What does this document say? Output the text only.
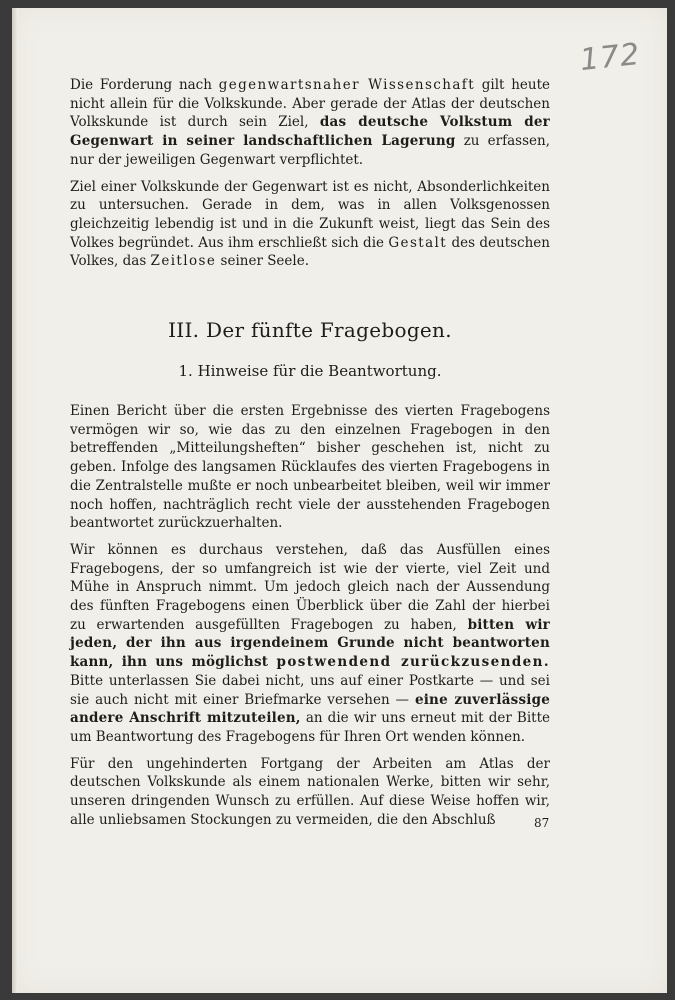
172

Die Forderung nach gegenwartsnaher Wissenschaft gilt heute nicht allein für die Volkskunde. Aber gerade der Atlas der deutschen Volkskunde ist durch sein Ziel, das deutsche Volkstum der Gegenwart in seiner landschaftlichen Lagerung zu erfassen, nur der jeweiligen Gegenwart verpflichtet.

Ziel einer Volkskunde der Gegenwart ist es nicht, Absonderlichkeiten zu untersuchen. Gerade in dem, was in allen Volksgenossen gleichzeitig lebendig ist und in die Zukunft weist, liegt das Sein des Volkes begründet. Aus ihm erschließt sich die Gestalt des deutschen Volkes, das Zeitlose seiner Seele.

III. Der fünfte Fragebogen.
1. Hinweise für die Beantwortung.

Einen Bericht über die ersten Ergebnisse des vierten Fragebogens vermögen wir so, wie das zu den einzelnen Fragebogen in den betreffenden „Mitteilungsheften“ bisher geschehen ist, nicht zu geben. Infolge des langsamen Rücklaufes des vierten Fragebogens in die Zentralstelle mußte er noch unbearbeitet bleiben, weil wir immer noch hoffen, nachträglich recht viele der ausstehenden Fragebogen beantwortet zurückzuerhalten.

Wir können es durchaus verstehen, daß das Ausfüllen eines Fragebogens, der so umfangreich ist wie der vierte, viel Zeit und Mühe in Anspruch nimmt. Um jedoch gleich nach der Aussendung des fünften Fragebogens einen Überblick über die Zahl der hierbei zu erwartenden ausgefüllten Fragebogen zu haben, bitten wir jeden, der ihn aus irgendeinem Grunde nicht beantworten kann, ihn uns möglichst postwendend zurückzusenden. Bitte unterlassen Sie dabei nicht, uns auf einer Postkarte — und sei sie auch nicht mit einer Briefmarke versehen — eine zuverlässige andere Anschrift mitzuteilen, an die wir uns erneut mit der Bitte um Beantwortung des Fragebogens für Ihren Ort wenden können.

Für den ungehinderten Fortgang der Arbeiten am Atlas der deutschen Volkskunde als einem nationalen Werke, bitten wir sehr, unseren dringenden Wunsch zu erfüllen. Auf diese Weise hoffen wir, alle unliebsamen Stockungen zu vermeiden, die den Abschluß	87
